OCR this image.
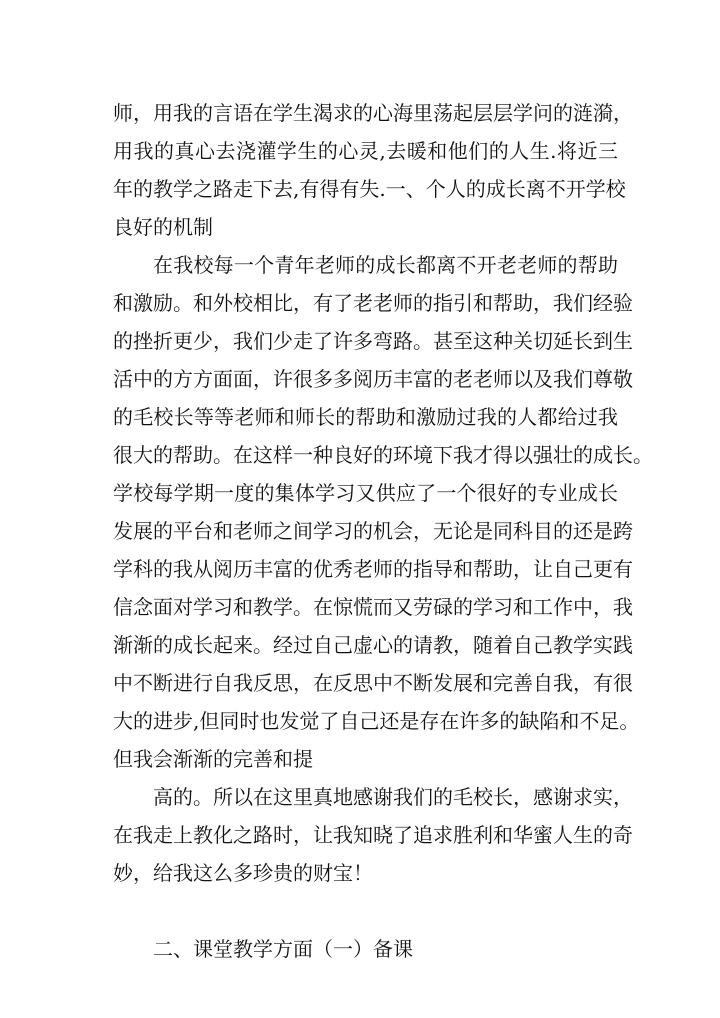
师，用我的言语在学生渴求的心海里荡起层层学问的涟漪，
用我的真心去浇灌学生的心灵,去暖和他们的人生.将近三
年的教学之路走下去,有得有失.一、个人的成长离不开学校
良好的机制
在我校每一个青年老师的成长都离不开老老师的帮助
和激励。和外校相比，有了老老师的指引和帮助，我们经验
的挫折更少，我们少走了许多弯路。甚至这种关切延长到生
活中的方方面面，许很多多阅历丰富的老老师以及我们尊敬
的毛校长等等老师和师长的帮助和激励过我的人都给过我
很大的帮助。在这样一种良好的环境下我才得以强壮的成长。
学校每学期一度的集体学习又供应了一个很好的专业成长
发展的平台和老师之间学习的机会，无论是同科目的还是跨
学科的我从阅历丰富的优秀老师的指导和帮助，让自己更有
信念面对学习和教学。在惊慌而又劳碌的学习和工作中，我
渐渐的成长起来。经过自己虚心的请教，随着自己教学实践
中不断进行自我反思，在反思中不断发展和完善自我，有很
大的进步,但同时也发觉了自己还是存在许多的缺陷和不足。
但我会渐渐的完善和提
高的。所以在这里真地感谢我们的毛校长，感谢求实，
在我走上教化之路时，让我知晓了追求胜利和华蜜人生的奇
妙，给我这么多珍贵的财宝！
二、课堂教学方面（一）备课
